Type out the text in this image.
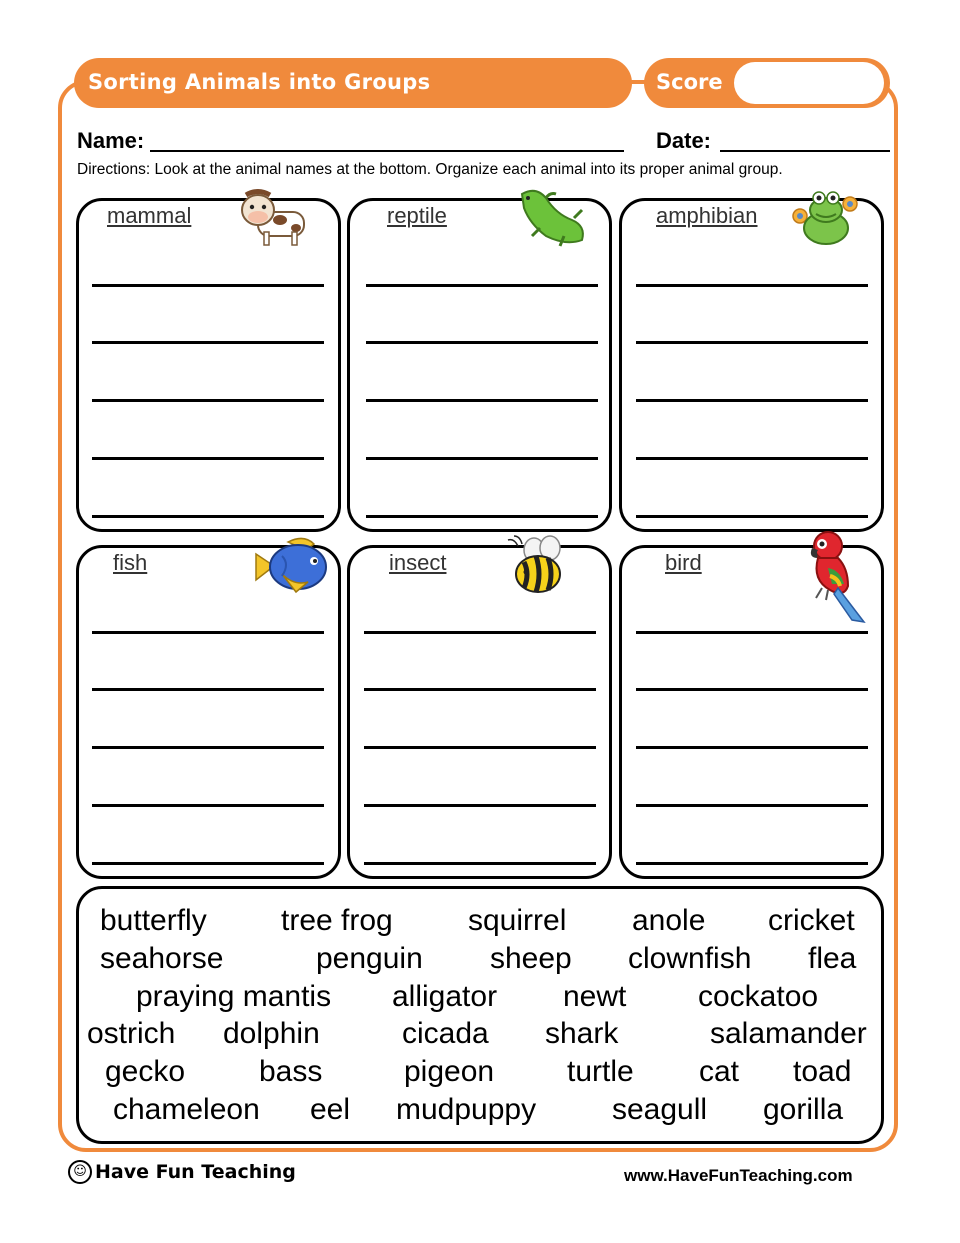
Sorting Animals into Groups	Score
Name:	Date:
Directions: Look at the animal names at the bottom. Organize each animal into its proper animal group.
mammal	reptile	amphibian
fish	insect	bird
butterfly tree frog	squirrel anole cricket
seahorse	penguin sheep clownfish flea
praying mantis alligator newt cockatoo
ostrich dolphin	cicada shark	salamander
gecko bass	pigeon turtle cat toad
chameleon eel mudpuppy	seagull gorilla
☺ Have Fun Teaching	www.HaveFunTeaching.com
